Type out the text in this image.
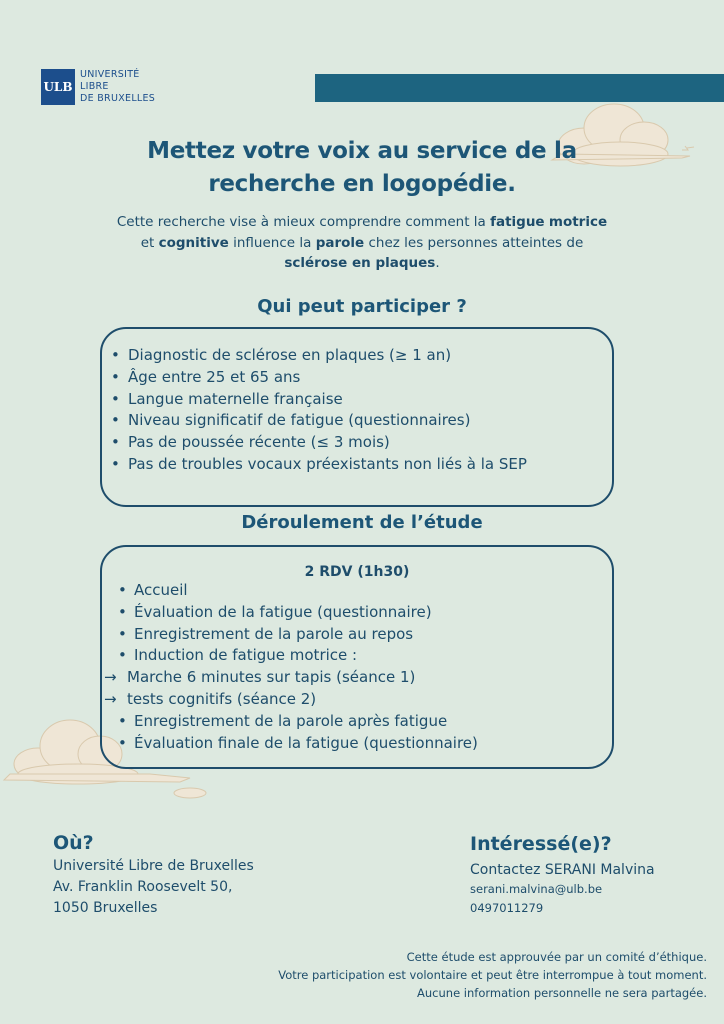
ULB
UNIVERSITÉ
LIBRE
DE BRUXELLES
Mettez votre voix au service de la
recherche en logopédie.

Cette recherche vise à mieux comprendre comment la fatigue motrice et cognitive influence la parole chez les personnes atteintes de sclérose en plaques.

Qui peut participer ?
• Diagnostic de sclérose en plaques (≥ 1 an)
• Âge entre 25 et 65 ans
• Langue maternelle française
• Niveau significatif de fatigue (questionnaires)
• Pas de poussée récente (≤ 3 mois)
• Pas de troubles vocaux préexistants non liés à la SEP
Déroulement de l’étude
2 RDV (1h30)
• Accueil
• Évaluation de la fatigue (questionnaire)
• Enregistrement de la parole au repos
• Induction de fatigue motrice :
→ Marche 6 minutes sur tapis (séance 1)
→ tests cognitifs (séance 2)
• Enregistrement de la parole après fatigue
• Évaluation finale de la fatigue (questionnaire)
Où?
Université Libre de Bruxelles
Av. Franklin Roosevelt 50,
1050 Bruxelles
Intéressé(e)?
Contactez SERANI Malvina
serani.malvina@ulb.be
0497011279
Cette étude est approuvée par un comité d’éthique.
Votre participation est volontaire et peut être interrompue à tout moment.
Aucune information personnelle ne sera partagée.
